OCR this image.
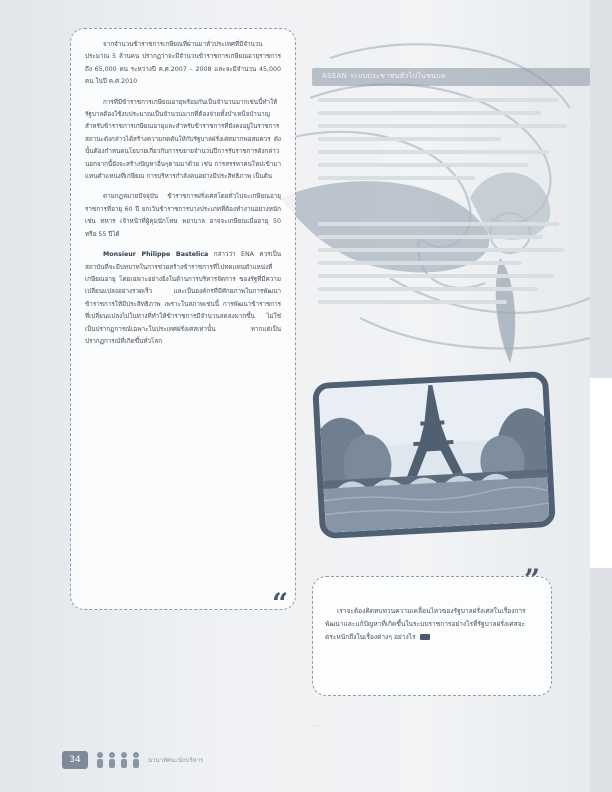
ASEAN ระบบประชาชนทั่วไปในชนบท

จากจำนวนข้าราชการเกษียณที่ผ่านมาทั่วประเทศที่มีจำนวนประมาณ 5 ล้านคน ปรากฏว่าจะมีจำนวนข้าราชการเกษียณอายุราชการ ถึง 65,000 คน ระหว่างปี ค.ศ.2007 – 2008 และจะมีจำนวน 45,000 คน ในปี ค.ศ.2010

การที่มีข้าราชการเกษียณอายุพร้อมกันเป็นจำนวนมากเช่นนี้ทำให้รัฐบาลต้องใช้งบประมาณเป็นจำนวนมากที่ต้องจ่ายทั้งบำเหน็จบำนาญ สำหรับข้าราชการเกษียณอายุและสำหรับข้าราชการที่ยังคงอยู่ในราชการ สถานะดังกล่าวได้สร้างความกดดันให้กับรัฐบาลฝรั่งเศสมากพอสมควร ดังนั้นต้องกำหนดนโยบายเกี่ยวกับการขยายจำนวนปีการรับราชการดังกล่าว นอกจากนี้ยังจะสร้างปัญหาอื่นๆตามมาด้วย เช่น การสรรหาคนใหม่เข้ามาแทนตำแหน่งที่เกษียณ การบริหารกำลังคนอย่างมีประสิทธิภาพ เป็นต้น

ตามกฎหมายปัจจุบัน ข้าราชการฝรั่งเศสโดยทั่วไปจะเกษียณอายุราชการที่อายุ 60 ปี ยกเว้นข้าราชการบางประเภทที่ต้องทำงานอย่างหนัก เช่น ทหาร เจ้าหน้าที่ผู้คุมนักโทษ พยาบาล อาจจะเกษียณเมื่ออายุ 50 หรือ 55 ปีได้

Monsieur Philippe Bastelica กล่าวว่า ENA ควรเป็นสถาบันที่จะมีบทบาทในการช่วยสร้างข้าราชการที่ไปทดแทนตำแหน่งที่เกษียณอายุ โดยเฉพาะอย่างยิ่งในด้านการบริหารจัดการ ของรัฐที่มีความเปลี่ยนแปลงอย่างรวดเร็ว และเป็นองค์กรที่มีศักยภาพในการพัฒนาข้าราชการให้มีประสิทธิภาพ เพราะในสภาพเช่นนี้ การพัฒนาข้าราชการที่เปลี่ยนแปลงไปในทางที่ทำให้ข้าราชการมีจำนวนลดลงมากขึ้น ไม่ใช่เป็นปรากฏการณ์เฉพาะในประเทศฝรั่งเศสเท่านั้น หากแต่เป็นปรากฏการณ์ที่เกิดขึ้นทั่วโลก

“	เราจะต้องคิดทบทวนความเคลื่อนไหวของรัฐบาลฝรั่งเศสในเรื่องการพัฒนาและแก้ปัญหาที่เกิดขึ้นในระบบราชการอย่างไรที่รัฐบาลฝรั่งเศสจะตระหนักถึงในเรื่องต่างๆ อย่างไร

”
—
34	นานาทัศนะนักบริหาร
